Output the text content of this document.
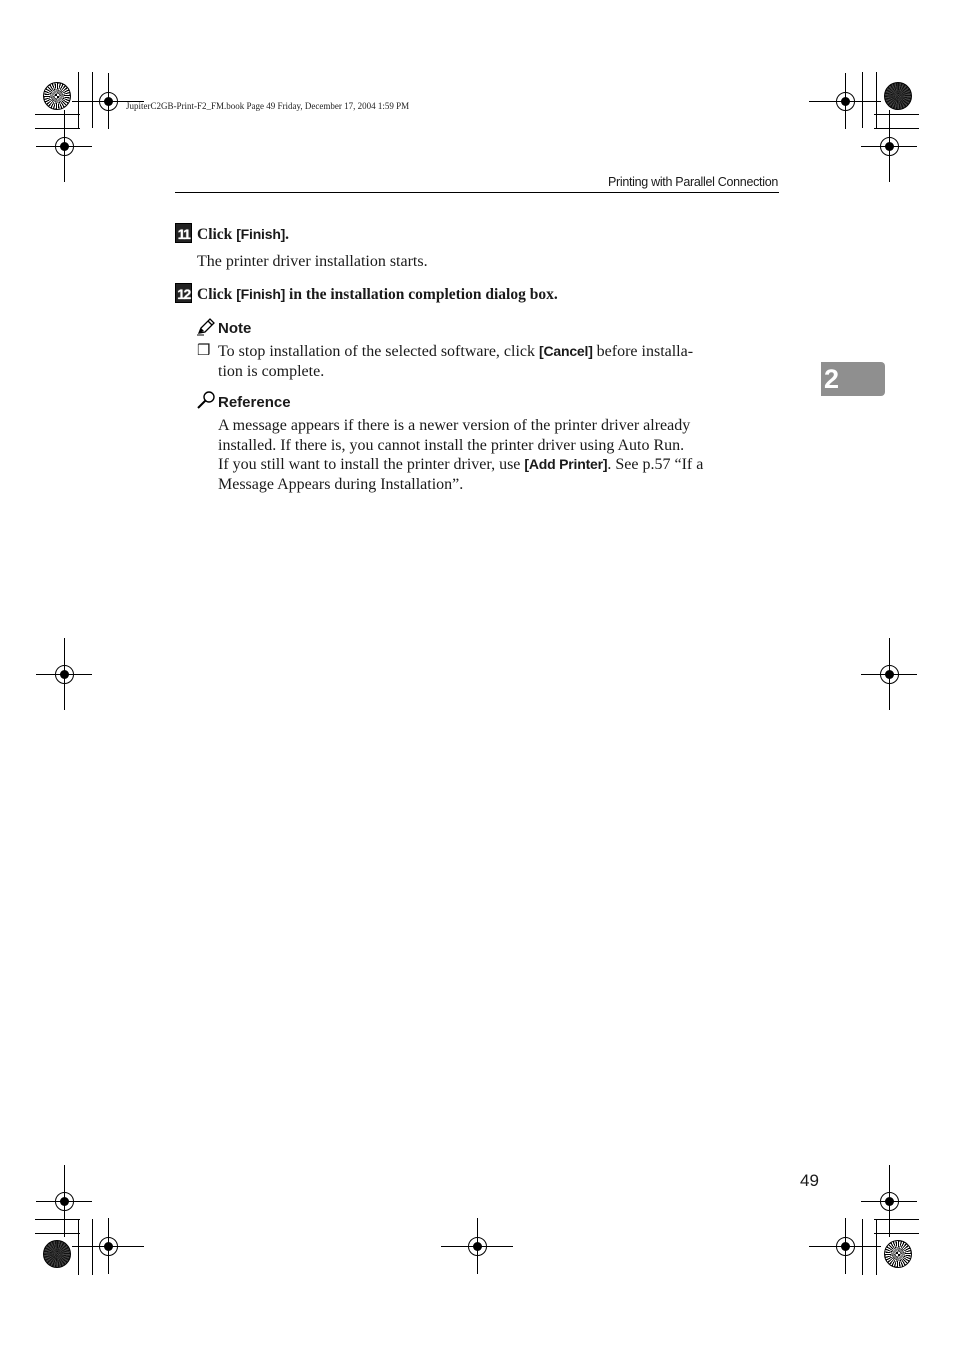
JupiterC2GB-Print-F2_FM.book Page 49 Friday, December 17, 2004 1:59 PM
Printing with Parallel Connection
11 Click [Finish].
The printer driver installation starts.
12 Click [Finish] in the installation completion dialog box.
Note
❒ To stop installation of the selected software, click [Cancel] before installa-
tion is complete.
Reference
A message appears if there is a newer version of the printer driver already
installed. If there is, you cannot install the printer driver using Auto Run.
If you still want to install the printer driver, use [Add Printer]. See p.57 “If a
Message Appears during Installation”.
2
49
